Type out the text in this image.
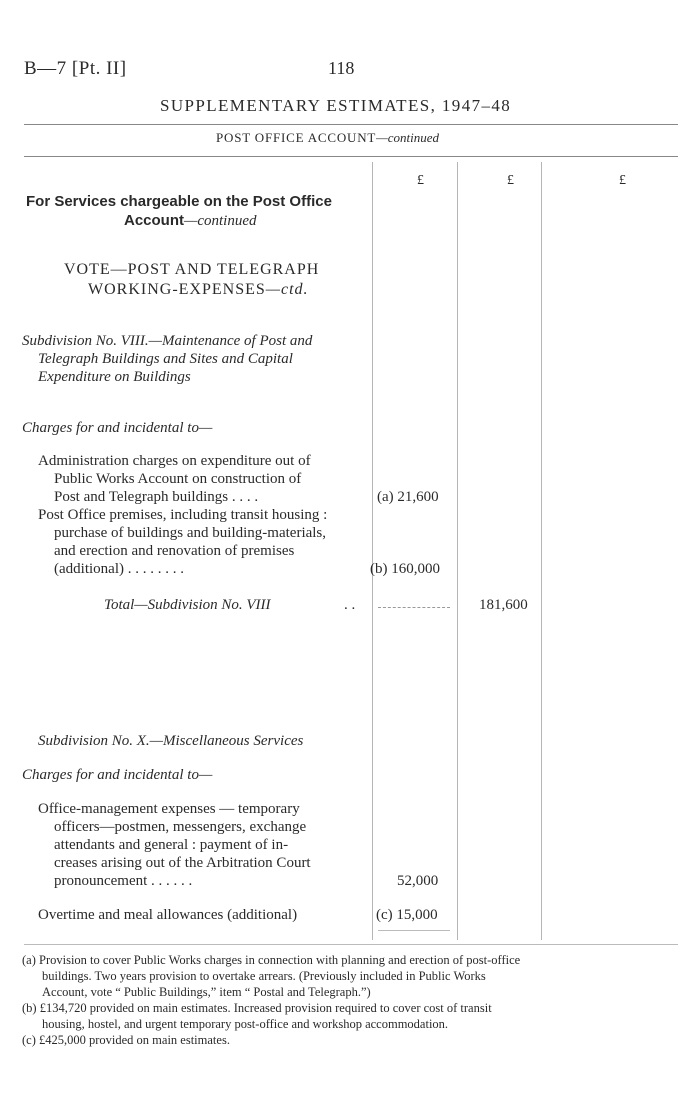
B—7 [Pt. II]	118
SUPPLEMENTARY ESTIMATES, 1947–48
POST OFFICE ACCOUNT—continued
£	£	£
For Services chargeable on the Post Office
Account—continued
VOTE—POST AND TELEGRAPH
WORKING-EXPENSES—ctd.
Subdivision No. VIII.—Maintenance of Post and
Telegraph Buildings and Sites and Capital
Expenditure on Buildings
Charges for and incidental to—
Administration charges on expenditure out of
Public Works Account on construction of
Post and Telegraph buildings . . . .	(a) 21,600
Post Office premises, including transit housing :
purchase of buildings and building-materials,
and erection and renovation of premises
(additional) . . . . . . . .	(b) 160,000
Total—Subdivision No. VIII	. .	181,600
Subdivision No. X.—Miscellaneous Services
Charges for and incidental to—
Office-management expenses — temporary
officers—postmen, messengers, exchange
attendants and general : payment of in-
creases arising out of the Arbitration Court
pronouncement . . . . . .	52,000
Overtime and meal allowances (additional)	(c) 15,000
(a) Provision to cover Public Works charges in connection with planning and erection of post-office
buildings. Two years provision to overtake arrears. (Previously included in Public Works
Account, vote “ Public Buildings,” item “ Postal and Telegraph.”)
(b) £134,720 provided on main estimates. Increased provision required to cover cost of transit
housing, hostel, and urgent temporary post-office and workshop accommodation.
(c) £425,000 provided on main estimates.
